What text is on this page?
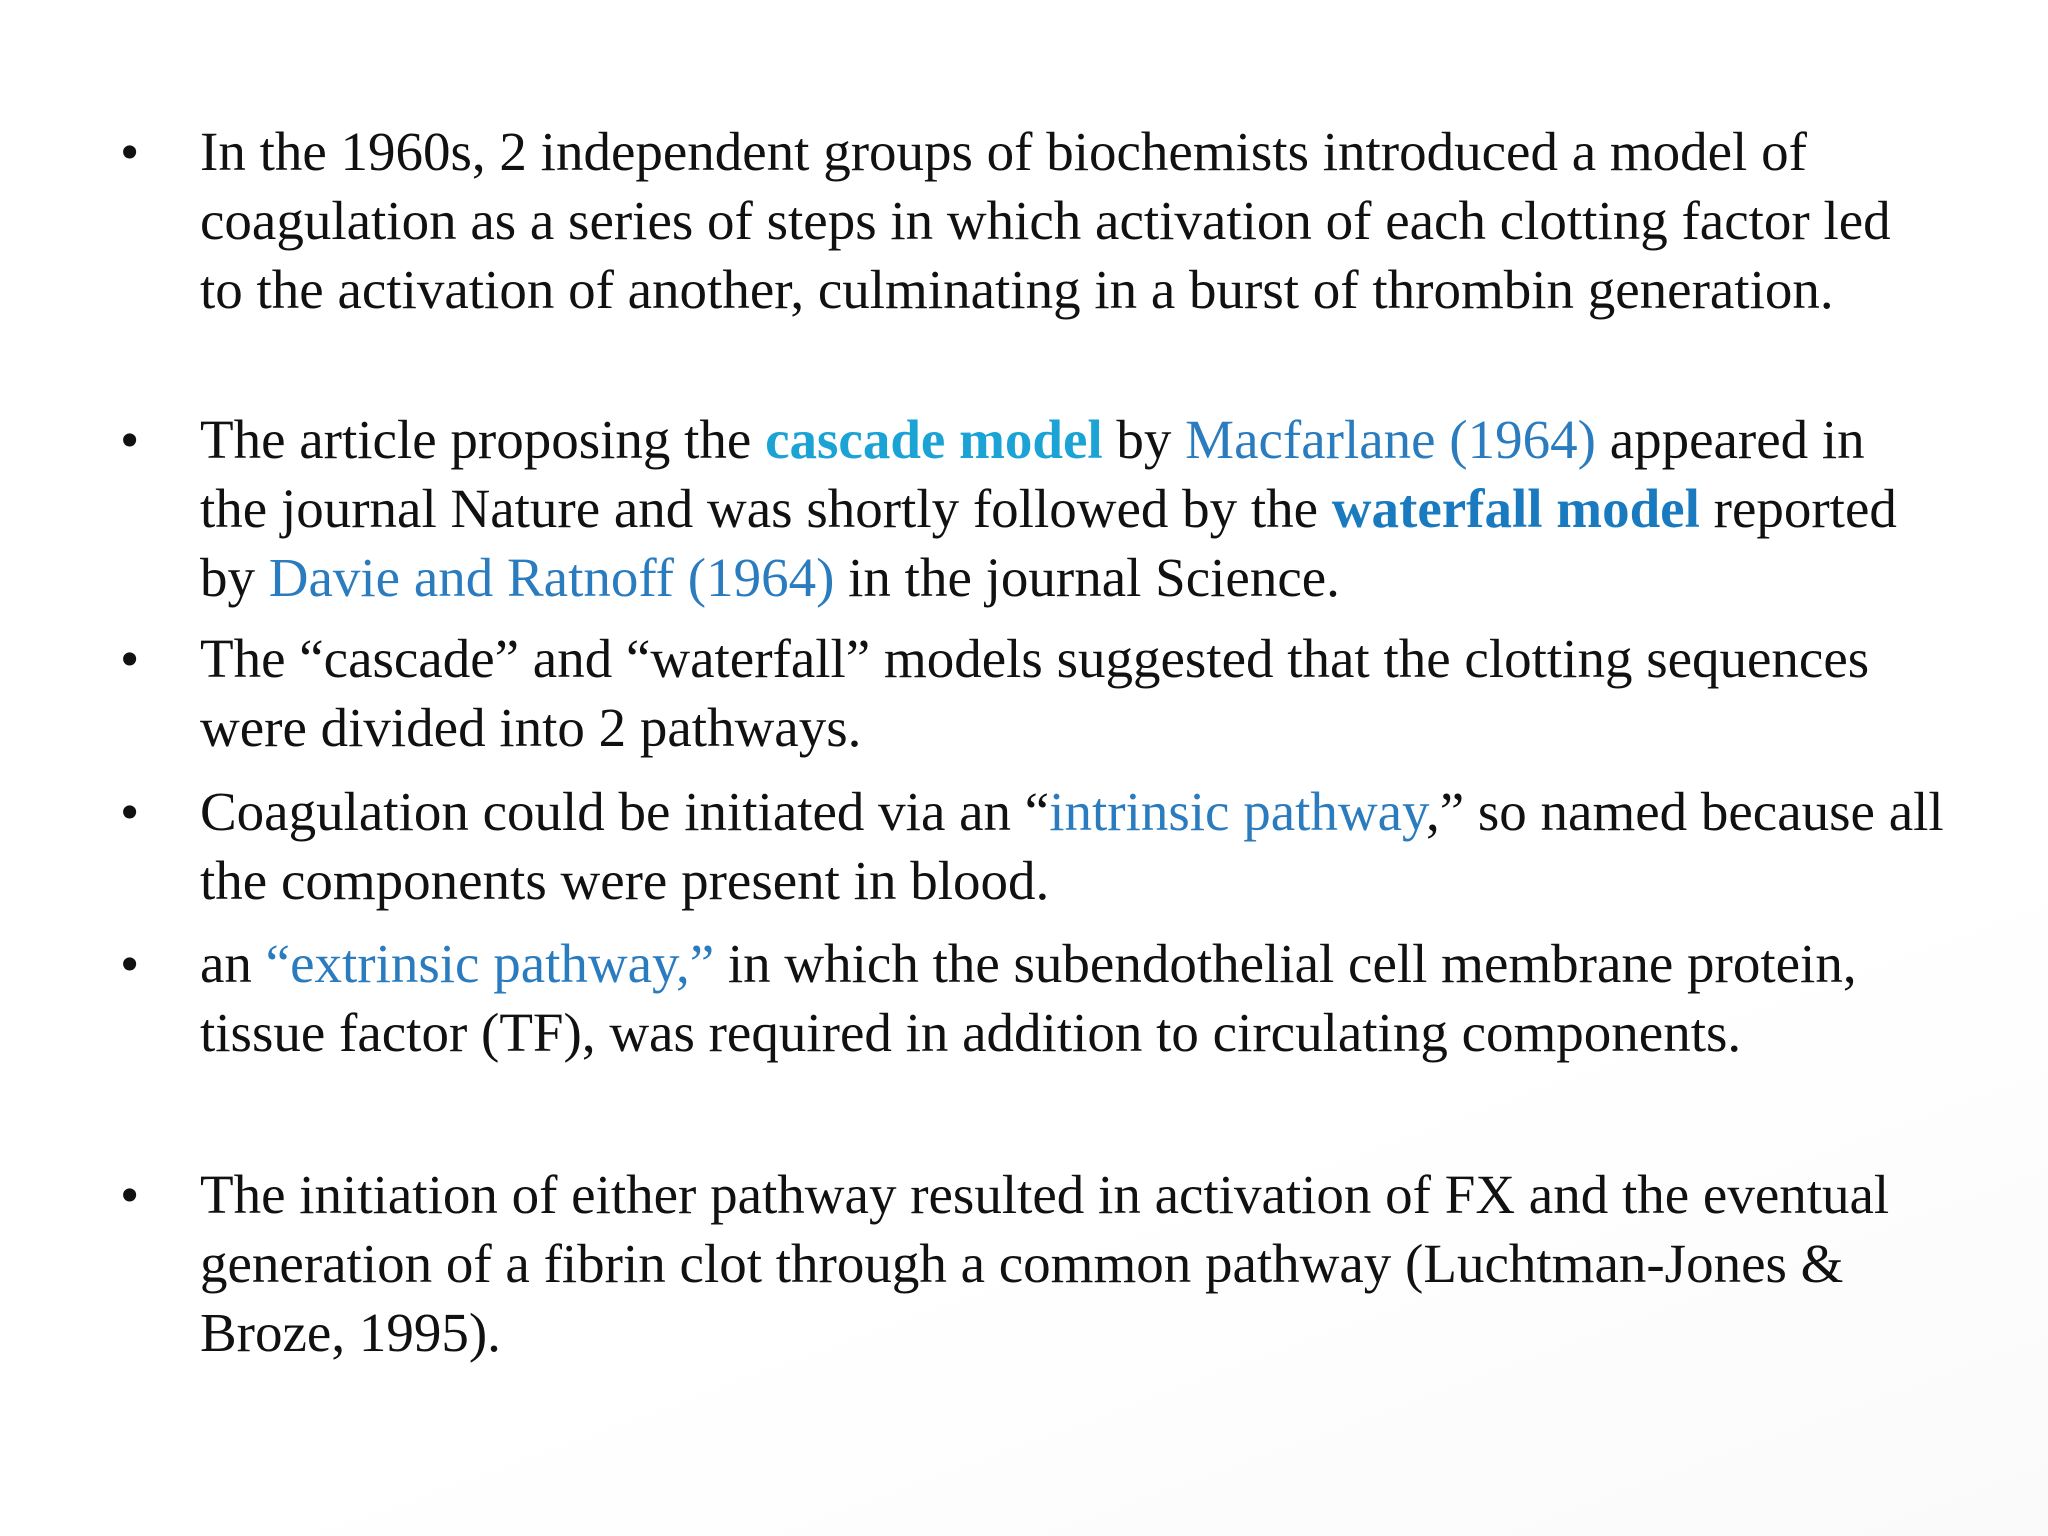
• In the 1960s, 2 independent groups of biochemists introduced a model of coagulation as a series of steps in which activation of each clotting factor led to the activation of another, culminating in a burst of thrombin generation.
• The article proposing the cascade model by Macfarlane (1964) appeared in the journal Nature and was shortly followed by the waterfall model reported by Davie and Ratnoff (1964) in the journal Science.
• The “cascade” and “waterfall” models suggested that the clotting sequences were divided into 2 pathways.
• Coagulation could be initiated via an “intrinsic pathway,” so named because all the components were present in blood.
• an “extrinsic pathway,” in which the subendothelial cell membrane protein, tissue factor (TF), was required in addition to circulating components.
• The initiation of either pathway resulted in activation of FX and the eventual generation of a fibrin clot through a common pathway (Luchtman-Jones & Broze, 1995).
